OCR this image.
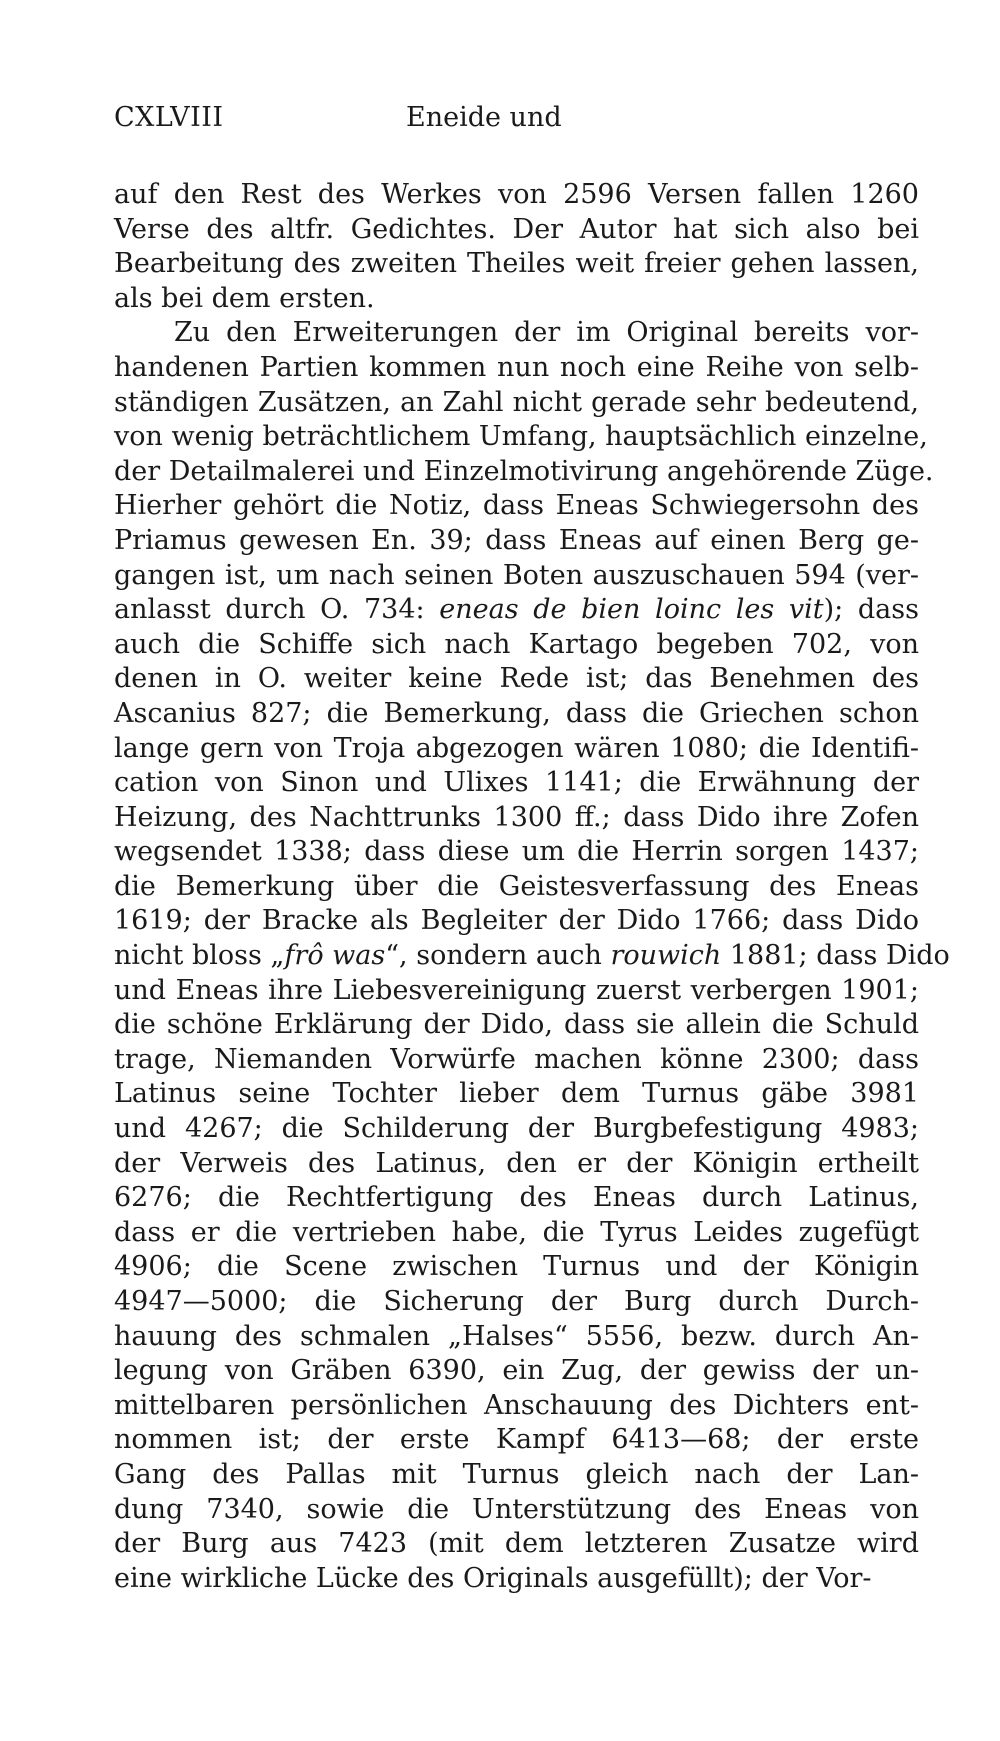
CXLVIII	Eneide und
auf den Rest des Werkes von 2596 Versen fallen 1260
Verse des altfr. Gedichtes. Der Autor hat sich also bei
Bearbeitung des zweiten Theiles weit freier gehen lassen,
als bei dem ersten.
Zu den Erweiterungen der im Original bereits vor-
handenen Partien kommen nun noch eine Reihe von selb-
ständigen Zusätzen, an Zahl nicht gerade sehr bedeutend,
von wenig beträchtlichem Umfang, hauptsächlich einzelne,
der Detailmalerei und Einzelmotivirung angehörende Züge.
Hierher gehört die Notiz, dass Eneas Schwiegersohn des
Priamus gewesen En. 39; dass Eneas auf einen Berg ge-
gangen ist, um nach seinen Boten auszuschauen 594 (ver-
anlasst durch O. 734: eneas de bien loinc les vit); dass
auch die Schiffe sich nach Kartago begeben 702, von
denen in O. weiter keine Rede ist; das Benehmen des
Ascanius 827; die Bemerkung, dass die Griechen schon
lange gern von Troja abgezogen wären 1080; die Identifi-
cation von Sinon und Ulixes 1141; die Erwähnung der
Heizung, des Nachttrunks 1300 ff.; dass Dido ihre Zofen
wegsendet 1338; dass diese um die Herrin sorgen 1437;
die Bemerkung über die Geistesverfassung des Eneas
1619; der Bracke als Begleiter der Dido 1766; dass Dido
nicht bloss „frô was“, sondern auch rouwich 1881; dass Dido
und Eneas ihre Liebesvereinigung zuerst verbergen 1901;
die schöne Erklärung der Dido, dass sie allein die Schuld
trage, Niemanden Vorwürfe machen könne 2300; dass
Latinus seine Tochter lieber dem Turnus gäbe 3981
und 4267; die Schilderung der Burgbefestigung 4983;
der Verweis des Latinus, den er der Königin ertheilt
6276; die Rechtfertigung des Eneas durch Latinus,
dass er die vertrieben habe, die Tyrus Leides zugefügt
4906; die Scene zwischen Turnus und der Königin
4947—5000; die Sicherung der Burg durch Durch-
hauung des schmalen „Halses“ 5556, bezw. durch An-
legung von Gräben 6390, ein Zug, der gewiss der un-
mittelbaren persönlichen Anschauung des Dichters ent-
nommen ist; der erste Kampf 6413—68; der erste
Gang des Pallas mit Turnus gleich nach der Lan-
dung 7340, sowie die Unterstützung des Eneas von
der Burg aus 7423 (mit dem letzteren Zusatze wird
eine wirkliche Lücke des Originals ausgefüllt); der Vor-
